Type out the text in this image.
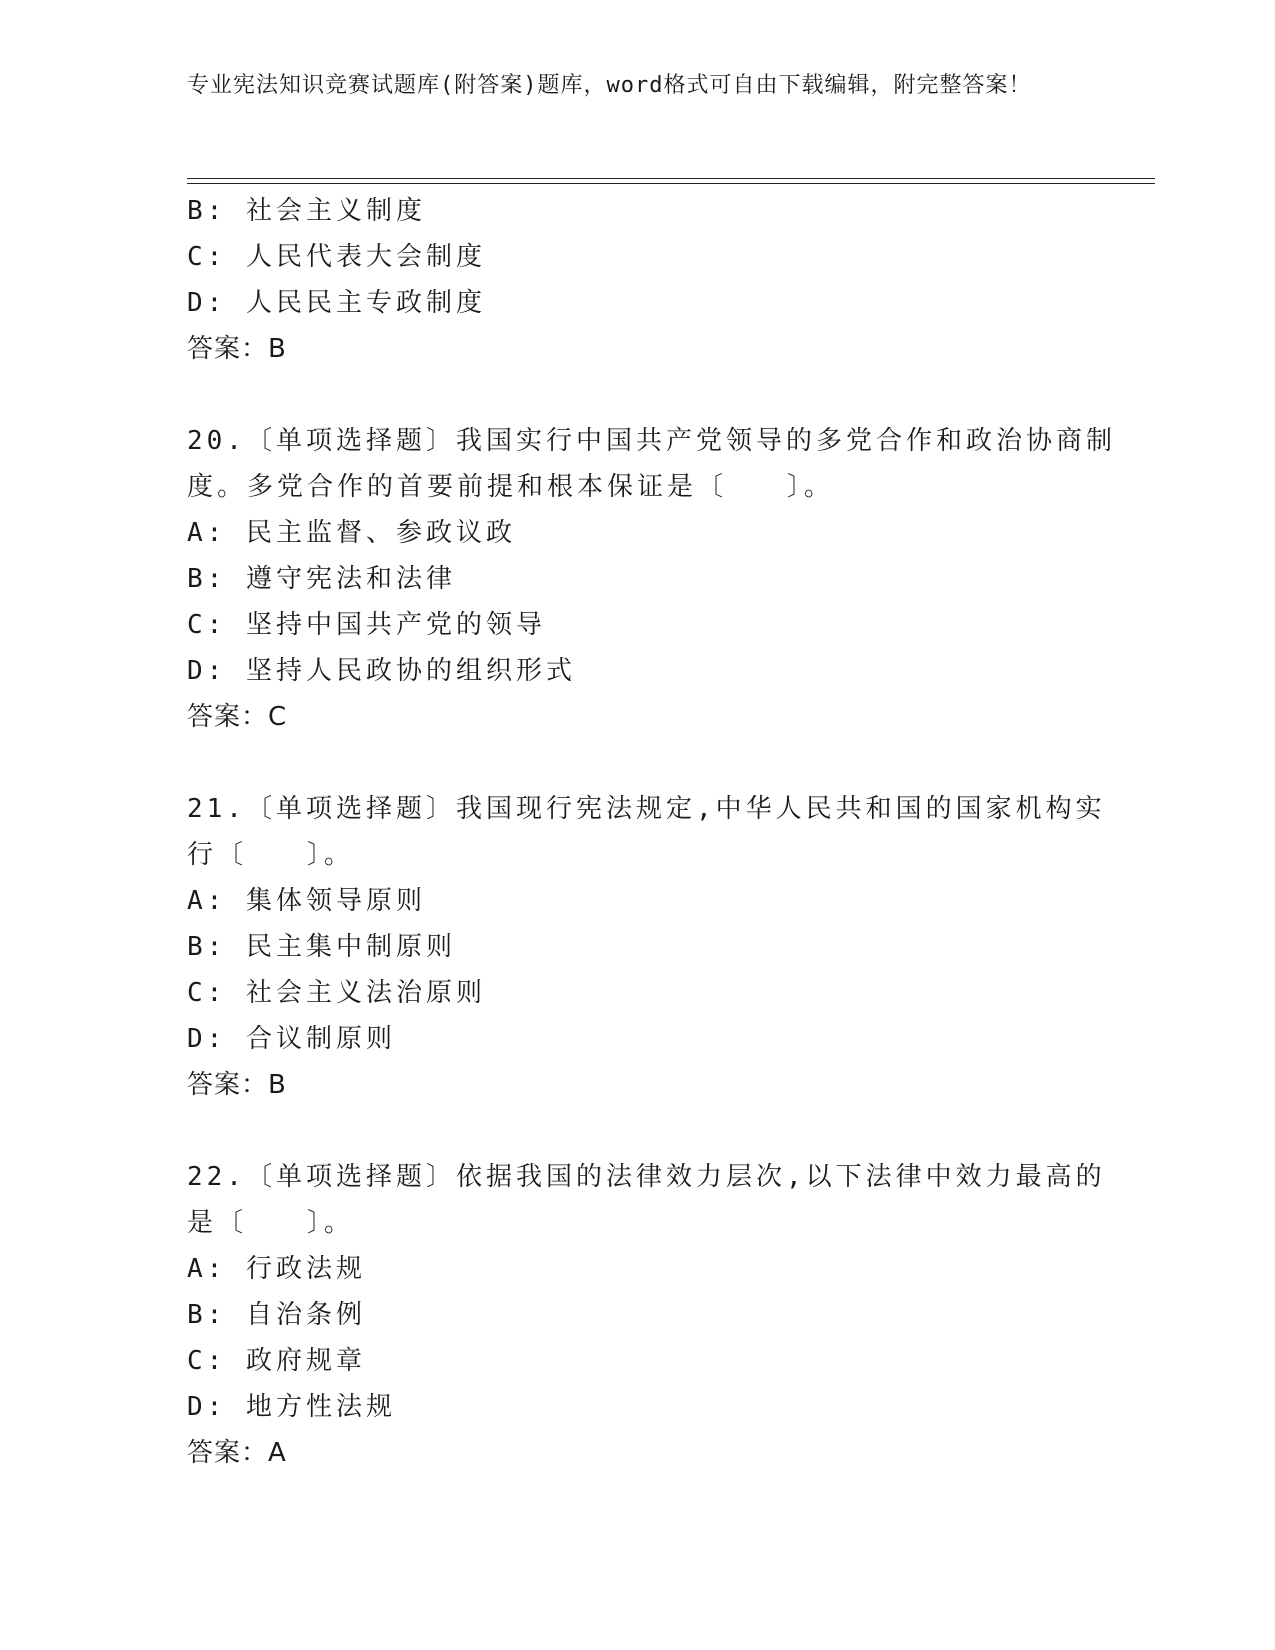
专业宪法知识竞赛试题库(附答案)题库，word格式可自由下载编辑，附完整答案！
B: 社会主义制度
C: 人民代表大会制度
D: 人民民主专政制度
答案：B
20.〔单项选择题〕我国实行中国共产党领导的多党合作和政治协商制
度。多党合作的首要前提和根本保证是〔　　〕。
A: 民主监督、参政议政
B: 遵守宪法和法律
C: 坚持中国共产党的领导
D: 坚持人民政协的组织形式
答案：C
21.〔单项选择题〕我国现行宪法规定,中华人民共和国的国家机构实
行〔　　〕。
A: 集体领导原则
B: 民主集中制原则
C: 社会主义法治原则
D: 合议制原则
答案：B
22.〔单项选择题〕依据我国的法律效力层次,以下法律中效力最高的
是〔　　〕。
A: 行政法规
B: 自治条例
C: 政府规章
D: 地方性法规
答案：A
